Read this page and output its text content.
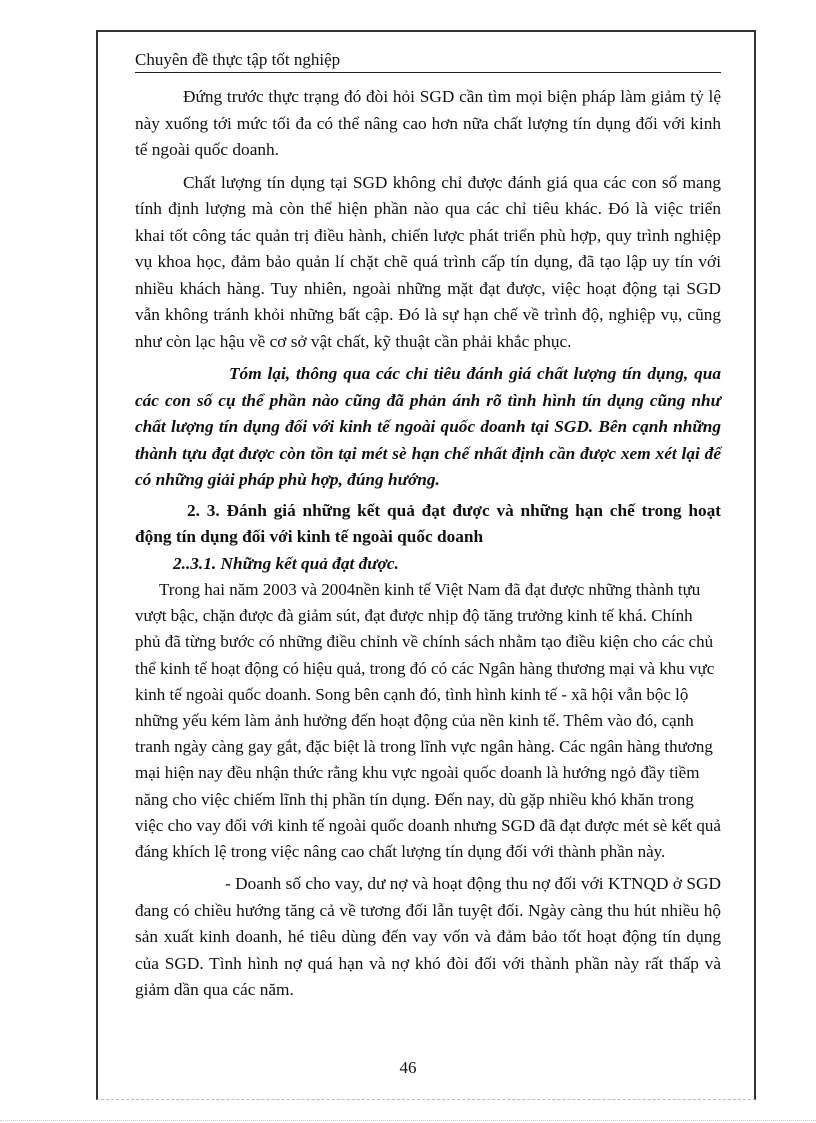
Chuyên đề thực tập tốt nghiệp

Đứng trước thực trạng đó đòi hỏi SGD cần tìm mọi biện pháp làm giảm tỷ lệ này xuống tới mức tối đa có thể nâng cao hơn nữa chất lượng tín dụng đối với kinh tế ngoài quốc doanh.

Chất lượng tín dụng tại SGD không chỉ được đánh giá qua các con số mang tính định lượng mà còn thể hiện phần nào qua các chỉ tiêu khác. Đó là việc triển khai tốt công tác quản trị điều hành, chiến lược phát triển phù hợp, quy trình nghiệp vụ khoa học, đảm bảo quản lí chặt chẽ quá trình cấp tín dụng, đã tạo lập uy tín với nhiều khách hàng. Tuy nhiên, ngoài những mặt đạt được, việc hoạt động tại SGD vẫn không tránh khỏi những bất cập. Đó là sự hạn chế về trình độ, nghiệp vụ, cũng như còn lạc hậu về cơ sở vật chất, kỹ thuật cần phải khắc phục.

Tóm lại, thông qua các chỉ tiêu đánh giá chất lượng tín dụng, qua các con số cụ thể phần nào cũng đã phản ánh rõ tình hình tín dụng cũng như chất lượng tín dụng đối với kinh tế ngoài quốc doanh tại SGD. Bên cạnh những thành tựu đạt được còn tồn tại mét sè hạn chế nhất định cần được xem xét lại để có những giải pháp phù hợp, đúng hướng.

2. 3. Đánh giá những kết quả đạt được và những hạn chế trong hoạt động tín dụng đối với kinh tế ngoài quốc doanh

2..3.1. Những kết quả đạt được.

Trong hai năm 2003 và 2004nền kinh tế Việt Nam đã đạt được những thành tựu vượt bậc, chặn được đà giảm sút, đạt được nhịp độ tăng trưởng kinh tế khá. Chính phủ đã từng bước có những điều chỉnh về chính sách nhằm tạo điều kiện cho các chủ thể kinh tế hoạt động có hiệu quả, trong đó có các Ngân hàng thương mại và khu vực kinh tế ngoài quốc doanh. Song bên cạnh đó, tình hình kinh tế - xã hội vẫn bộc lộ những yếu kém làm ảnh hưởng đến hoạt động của nền kinh tế. Thêm vào đó, cạnh tranh ngày càng gay gắt, đặc biệt là trong lĩnh vực ngân hàng. Các ngân hàng thương mại hiện nay đều nhận thức rằng khu vực ngoài quốc doanh là hướng ngỏ đầy tiềm năng cho việc chiếm lĩnh thị phần tín dụng. Đến nay, dù gặp nhiều khó khăn trong việc cho vay đối với kinh tế ngoài quốc doanh nhưng SGD đã đạt được mét sè kết quả đáng khích lệ trong việc nâng cao chất lượng tín dụng đối với thành phần này.

- Doanh số cho vay, dư nợ và hoạt động thu nợ đối với KTNQD ở SGD đang có chiều hướng tăng cả về tương đối lẫn tuyệt đối. Ngày càng thu hút nhiều hộ sản xuất kinh doanh, hé tiêu dùng đến vay vốn và đảm bảo tốt hoạt động tín dụng của SGD. Tình hình nợ quá hạn và nợ khó đòi đối với thành phần này rất thấp và giảm dần qua các năm.

46
